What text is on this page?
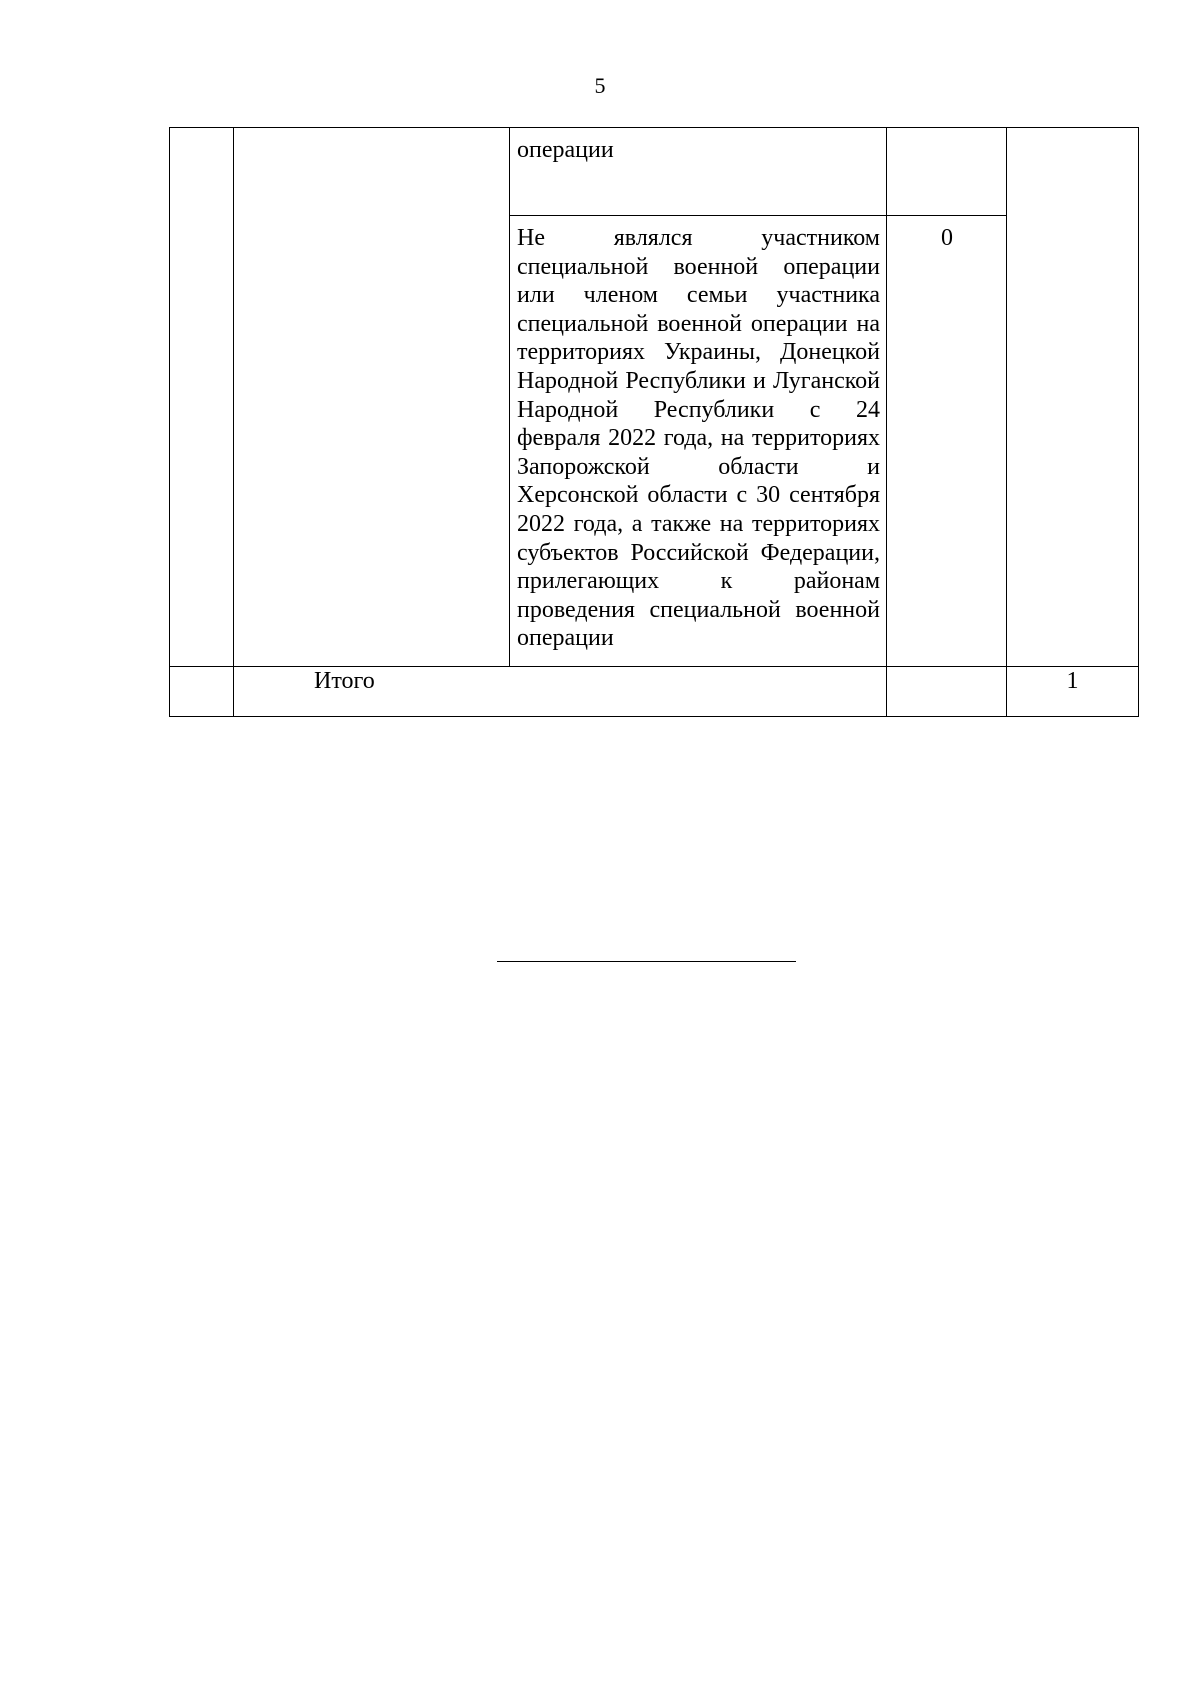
5

		операции		

		Не являлся участником специальной военной операции или членом семьи участника специальной военной операции на территориях Украины, Донецкой Народной Республики и Луганской Народной Республики с 24 февраля 2022 года, на территориях Запорожской области и Херсонской области с 30 сентября 2022 года, а также на территориях субъектов Российской Федерации, прилегающих к районам проведения специальной военной операции	0	

	Итого			1
